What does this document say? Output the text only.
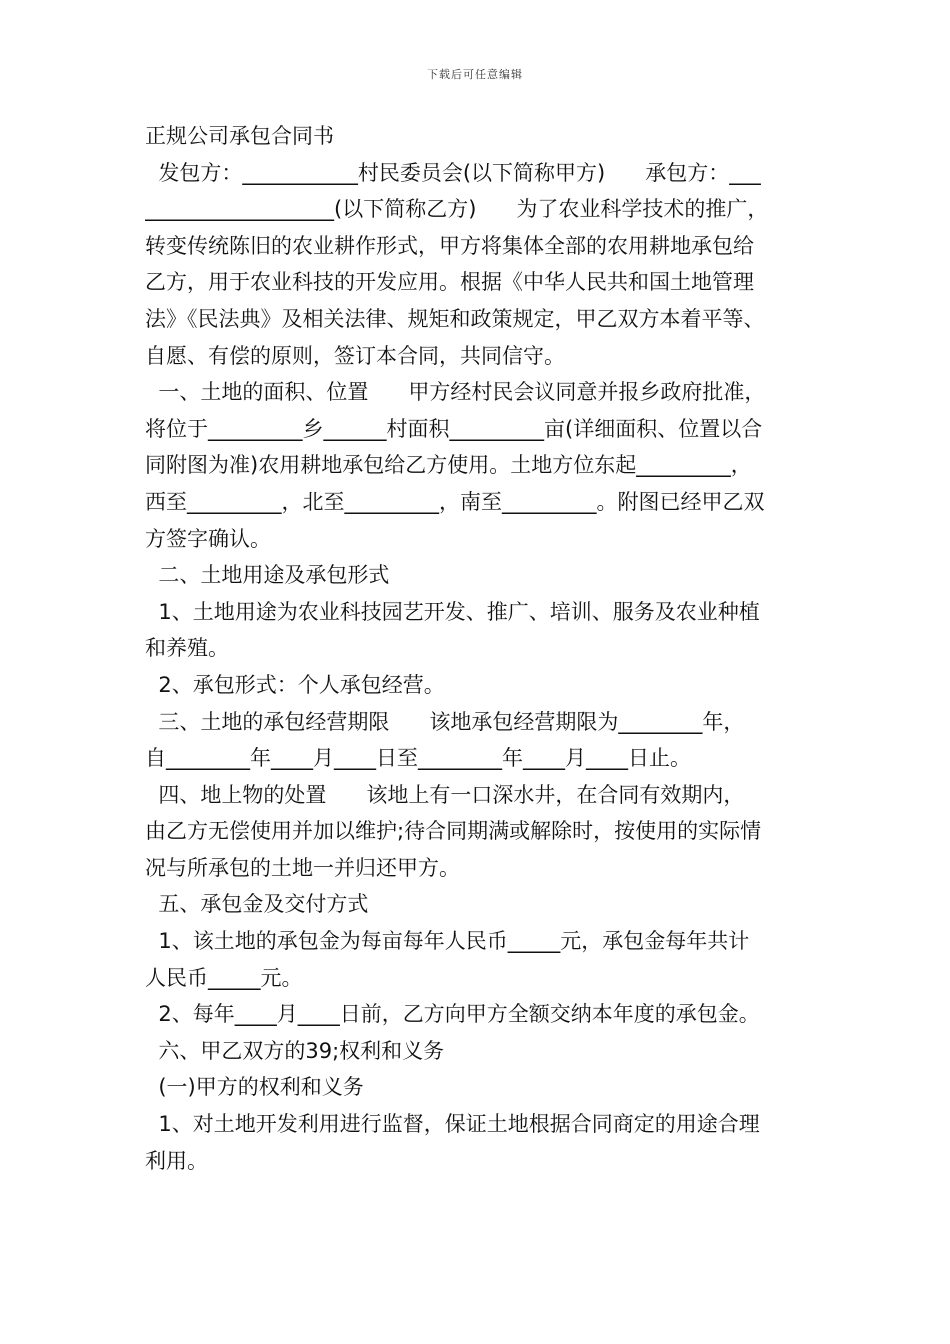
下载后可任意编辑
正规公司承包合同书
发包方：___________村民委员会(以下简称甲方)      承包方：___
__________________(以下简称乙方)      为了农业科学技术的推广，
转变传统陈旧的农业耕作形式，甲方将集体全部的农用耕地承包给
乙方，用于农业科技的开发应用。根据《中华人民共和国土地管理
法》《民法典》及相关法律、规矩和政策规定，甲乙双方本着平等、
自愿、有偿的原则，签订本合同，共同信守。
一、土地的面积、位置      甲方经村民会议同意并报乡政府批准，
将位于_________乡______村面积_________亩(详细面积、位置以合
同附图为准)农用耕地承包给乙方使用。土地方位东起_________，
西至_________，北至_________，南至_________。附图已经甲乙双
方签字确认。
二、土地用途及承包形式
1、土地用途为农业科技园艺开发、推广、培训、服务及农业种植
和养殖。
2、承包形式：个人承包经营。
三、土地的承包经营期限      该地承包经营期限为________年，
自________年____月____日至________年____月____日止。
四、地上物的处置      该地上有一口深水井，在合同有效期内，
由乙方无偿使用并加以维护;待合同期满或解除时，按使用的实际情
况与所承包的土地一并归还甲方。
五、承包金及交付方式
1、该土地的承包金为每亩每年人民币_____元，承包金每年共计
人民币_____元。
2、每年____月____日前，乙方向甲方全额交纳本年度的承包金。
六、甲乙双方的39;权利和义务
(一)甲方的权利和义务
1、对土地开发利用进行监督，保证土地根据合同商定的用途合理
利用。
